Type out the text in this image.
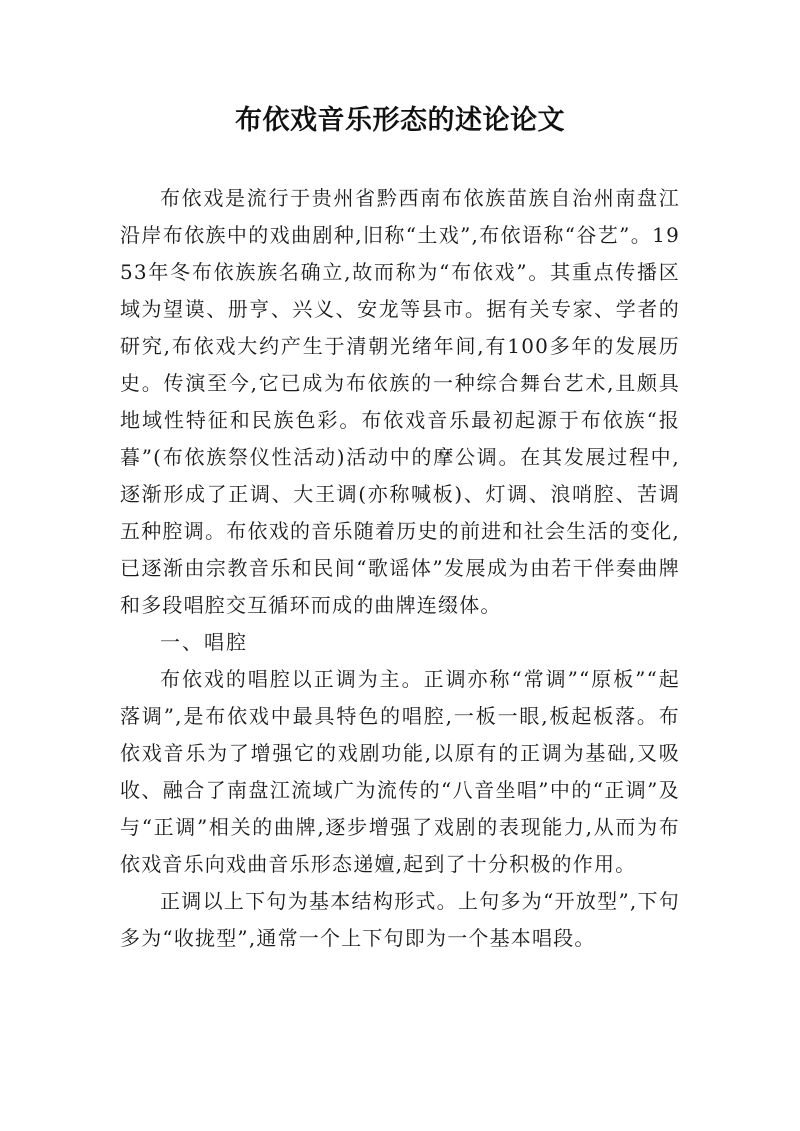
布依戏音乐形态的述论论文

布依戏是流行于贵州省黔西南布依族苗族自治州南盘江沿岸布依族中的戏曲剧种,旧称“土戏”,布依语称“谷艺”。1953年冬布依族族名确立,故而称为“布依戏”。其重点传播区域为望谟、册亨、兴义、安龙等县市。据有关专家、学者的研究,布依戏大约产生于清朝光绪年间,有100多年的发展历史。传演至今,它已成为布依族的一种综合舞台艺术,且颇具地域性特征和民族色彩。布依戏音乐最初起源于布依族“报暮”(布依族祭仪性活动)活动中的摩公调。在其发展过程中,逐渐形成了正调、大王调(亦称喊板)、灯调、浪哨腔、苦调五种腔调。布依戏的音乐随着历史的前进和社会生活的变化,已逐渐由宗教音乐和民间“歌谣体”发展成为由若干伴奏曲牌和多段唱腔交互循环而成的曲牌连缀体。

一、唱腔

布依戏的唱腔以正调为主。正调亦称“常调”“原板”“起落调”,是布依戏中最具特色的唱腔,一板一眼,板起板落。布依戏音乐为了增强它的戏剧功能,以原有的正调为基础,又吸收、融合了南盘江流域广为流传的“八音坐唱”中的“正调”及与“正调”相关的曲牌,逐步增强了戏剧的表现能力,从而为布依戏音乐向戏曲音乐形态递嬗,起到了十分积极的作用。

正调以上下句为基本结构形式。上句多为“开放型”,下句多为“收拢型”,通常一个上下句即为一个基本唱段。
